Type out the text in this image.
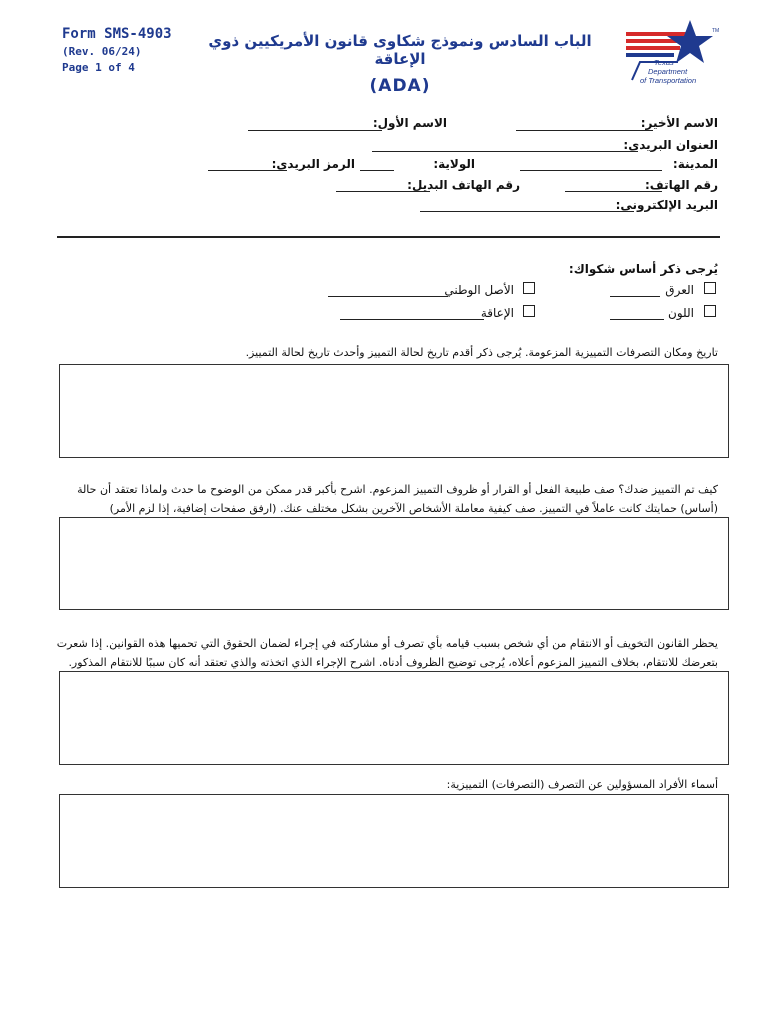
Form SMS-4903
(Rev. 06/24)
Page 1 of 4
الباب السادس ونموذج شكاوى قانون الأمريكيين ذوي الإعاقة
(ADA)
TM
Texas
Department
of Transportation
الاسم الأخير:
الاسم الأول:
العنوان البريدي:
المدينة:
الولاية:
الرمز البريدي:
رقم الهاتف:
رقم الهاتف البديل:
البريد الإلكتروني:
يُرجى ذكر أساس شكواك:
العرق
الأصل الوطني
اللون
الإعاقة
تاريخ ومكان التصرفات التمييزية المزعومة. يُرجى ذكر أقدم تاريخ لحالة التمييز وأحدث تاريخ لحالة التمييز.
كيف تم التمييز ضدك؟ صف طبيعة الفعل أو القرار أو ظروف التمييز المزعوم. اشرح بأكبر قدر ممكن من الوضوح ما حدث ولماذا تعتقد أن حالة
(أساس) حمايتك كانت عاملاً في التمييز. صف كيفية معاملة الأشخاص الآخرين بشكل مختلف عنك. (ارفق صفحات إضافية، إذا لزم الأمر)
يحظر القانون التخويف أو الانتقام من أي شخص بسبب قيامه بأي تصرف أو مشاركته في إجراء لضمان الحقوق التي تحميها هذه القوانين. إذا شعرت
بتعرضك للانتقام، بخلاف التمييز المزعوم أعلاه، يُرجى توضيح الظروف أدناه. اشرح الإجراء الذي اتخذته والذي تعتقد أنه كان سببًا للانتقام المذكور.
أسماء الأفراد المسؤولين عن التصرف (التصرفات) التمييزية:
